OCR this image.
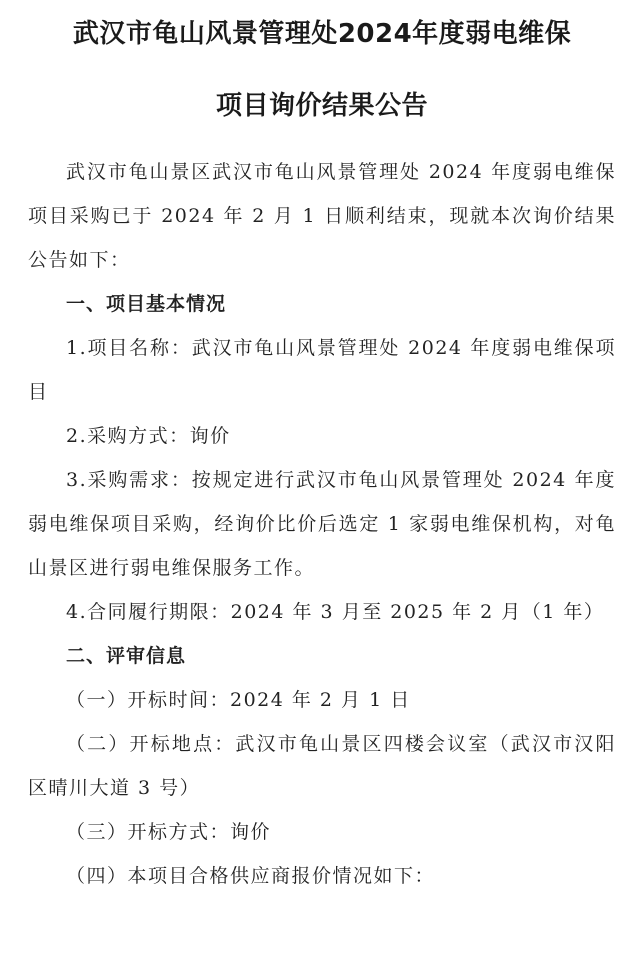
武汉市龟山风景管理处2024年度弱电维保
项目询价结果公告

武汉市龟山景区武汉市龟山风景管理处 2024 年度弱电维保项目采购已于 2024 年 2 月 1 日顺利结束，现就本次询价结果公告如下：

一、项目基本情况

1.项目名称：武汉市龟山风景管理处 2024 年度弱电维保项目

2.采购方式：询价

3.采购需求：按规定进行武汉市龟山风景管理处 2024 年度弱电维保项目采购，经询价比价后选定 1 家弱电维保机构，对龟山景区进行弱电维保服务工作。

4.合同履行期限：2024 年 3 月至 2025 年 2 月（1 年）

二、评审信息

（一）开标时间：2024 年 2 月 1 日

（二）开标地点：武汉市龟山景区四楼会议室（武汉市汉阳区晴川大道 3 号）

（三）开标方式：询价

（四）本项目合格供应商报价情况如下：
